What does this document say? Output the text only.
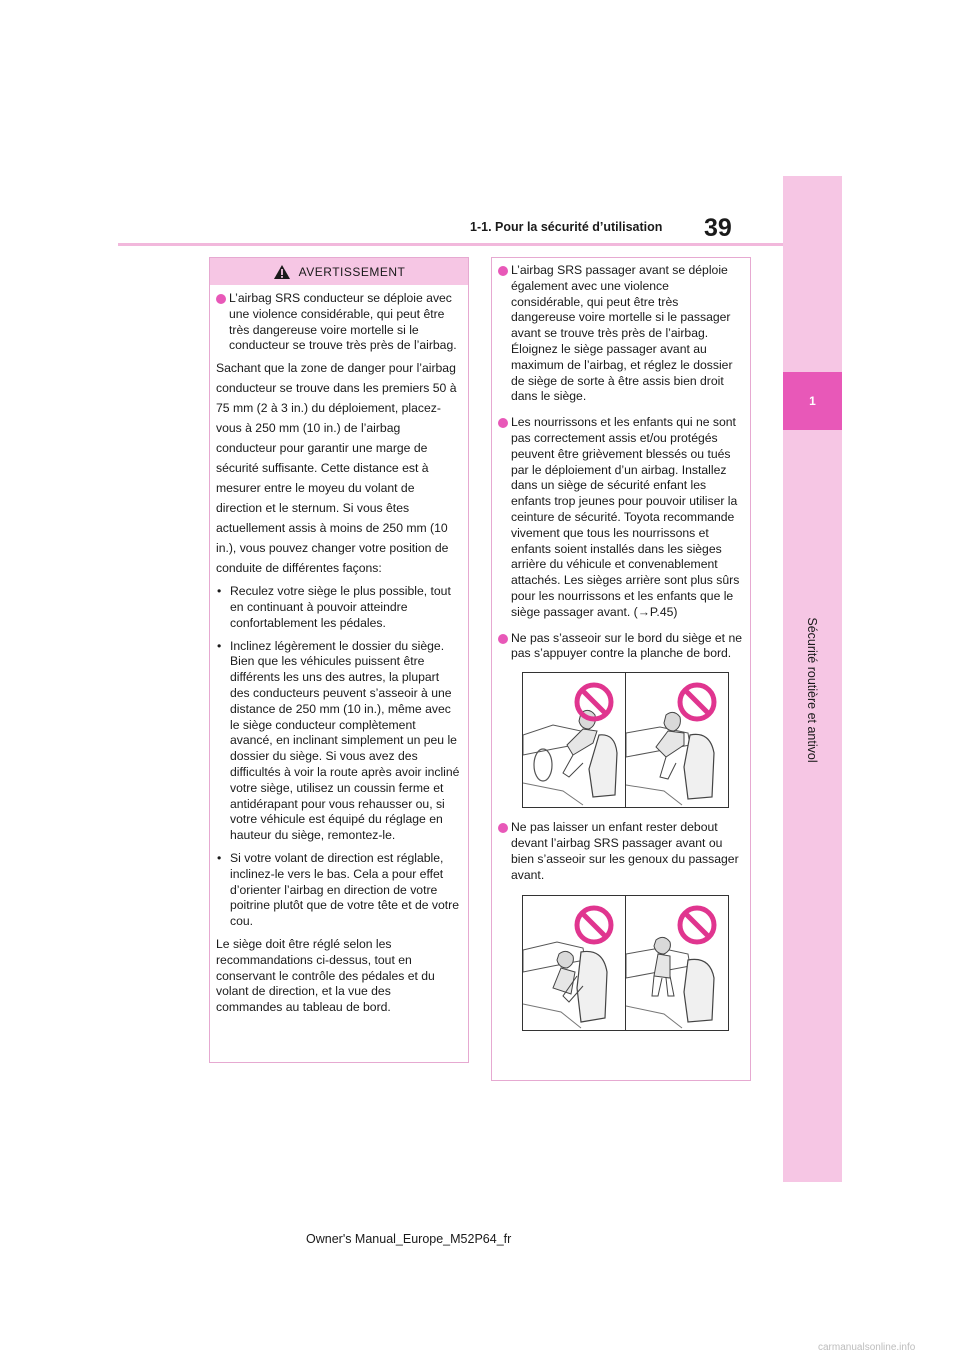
39
1-1. Pour la sécurité d’utilisation
1
Sécurité routière et antivol
AVERTISSEMENT
L’airbag SRS conducteur se déploie avec une violence considérable, qui peut être très dangereuse voire mortelle si le conducteur se trouve très près de l’airbag.
Sachant que la zone de danger pour l’airbag conducteur se trouve dans les premiers 50 à 75 mm (2 à 3 in.) du déploiement, placez-vous à 250 mm (10 in.) de l’airbag conducteur pour garantir une marge de sécurité suffisante. Cette distance est à mesurer entre le moyeu du volant de direction et le sternum. Si vous êtes actuellement assis à moins de 250 mm (10 in.), vous pouvez changer votre position de conduite de différentes façons:
• Reculez votre siège le plus possible, tout en continuant à pouvoir atteindre confortablement les pédales.
• Inclinez légèrement le dossier du siège. Bien que les véhicules puissent être différents les uns des autres, la plupart des conducteurs peuvent s’asseoir à une distance de 250 mm (10 in.), même avec le siège conducteur complètement avancé, en inclinant simplement un peu le dossier du siège. Si vous avez des difficultés à voir la route après avoir incliné votre siège, utilisez un coussin ferme et antidérapant pour vous rehausser ou, si votre véhicule est équipé du réglage en hauteur du siège, remontez-le.
• Si votre volant de direction est réglable, inclinez-le vers le bas. Cela a pour effet d’orienter l’airbag en direction de votre poitrine plutôt que de votre tête et de votre cou.
Le siège doit être réglé selon les recommandations ci-dessus, tout en conservant le contrôle des pédales et du volant de direction, et la vue des commandes au tableau de bord.
L’airbag SRS passager avant se déploie également avec une violence considérable, qui peut être très dangereuse voire mortelle si le passager avant se trouve très près de l’airbag. Éloignez le siège passager avant au maximum de l’airbag, et réglez le dossier de siège de sorte à être assis bien droit dans le siège.
Les nourrissons et les enfants qui ne sont pas correctement assis et/ou protégés peuvent être grièvement blessés ou tués par le déploiement d’un airbag. Installez dans un siège de sécurité enfant les enfants trop jeunes pour pouvoir utiliser la ceinture de sécurité. Toyota recommande vivement que tous les nourrissons et enfants soient installés dans les sièges arrière du véhicule et convenablement attachés. Les sièges arrière sont plus sûrs pour les nourrissons et les enfants que le siège passager avant. (→P.45)
Ne pas s’asseoir sur le bord du siège et ne pas s’appuyer contre la planche de bord.
Ne pas laisser un enfant rester debout devant l’airbag SRS passager avant ou bien s’asseoir sur les genoux du passager avant.
Owner's Manual_Europe_M52P64_fr
carmanualsonline.info
